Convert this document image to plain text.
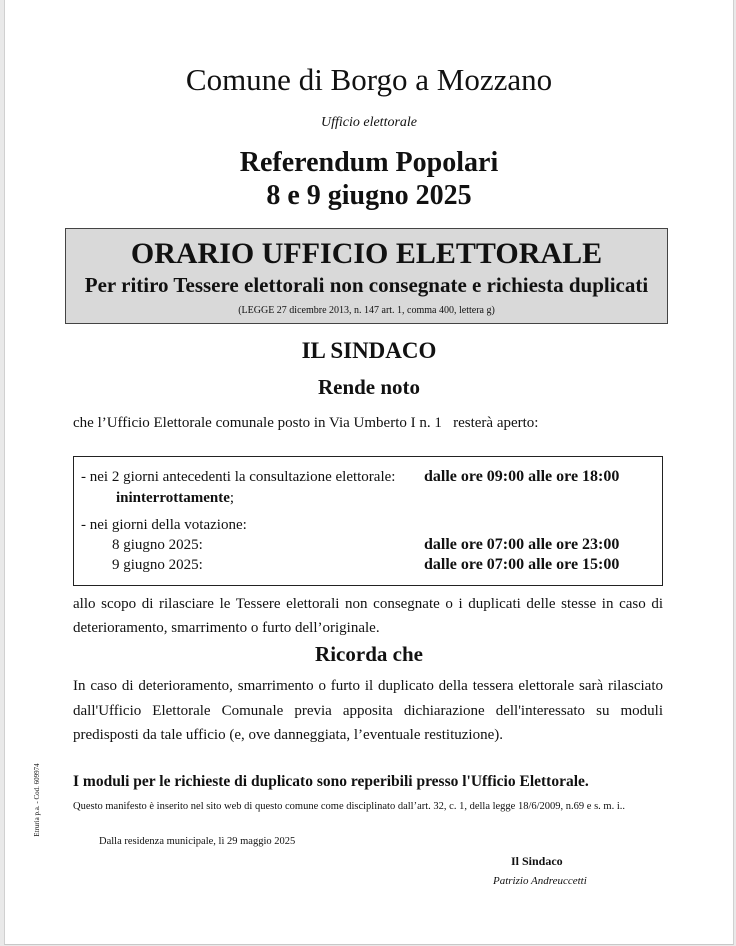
Etruria p.a. - Cod. 609974
Comune di Borgo a Mozzano
Ufficio elettorale
Referendum Popolari
8 e 9 giugno 2025
ORARIO UFFICIO ELETTORALE
Per ritiro Tessere elettorali non consegnate e richiesta duplicati
(LEGGE 27 dicembre 2013, n. 147 art. 1, comma 400, lettera g)
IL SINDACO
Rende noto
che l’Ufficio Elettorale comunale posto in Via Umberto I n. 1   resterà aperto:
- nei 2 giorni antecedenti la consultazione elettorale: dalle ore 09:00 alle ore 18:00
ininterrottamente;
- nei giorni della votazione:
8 giugno 2025:	dalle ore 07:00 alle ore 23:00
9 giugno 2025:	dalle ore 07:00 alle ore 15:00
allo scopo di rilasciare le Tessere elettorali non consegnate o i duplicati delle stesse in caso di deterioramento, smarrimento o furto dell’originale.
Ricorda che
In caso di deterioramento, smarrimento o furto il duplicato della tessera elettorale sarà rilasciato dall'Ufficio Elettorale Comunale previa apposita dichiarazione dell'interessato su moduli predisposti da tale ufficio (e, ove danneggiata, l’eventuale restituzione).
I moduli per le richieste di duplicato sono reperibili presso l'Ufficio Elettorale.
Questo manifesto è inserito nel sito web di questo comune come disciplinato dall’art. 32, c. 1, della legge 18/6/2009, n.69 e s. m. i..
Dalla residenza municipale, lì 29 maggio 2025
Il Sindaco
Patrizio Andreuccetti
